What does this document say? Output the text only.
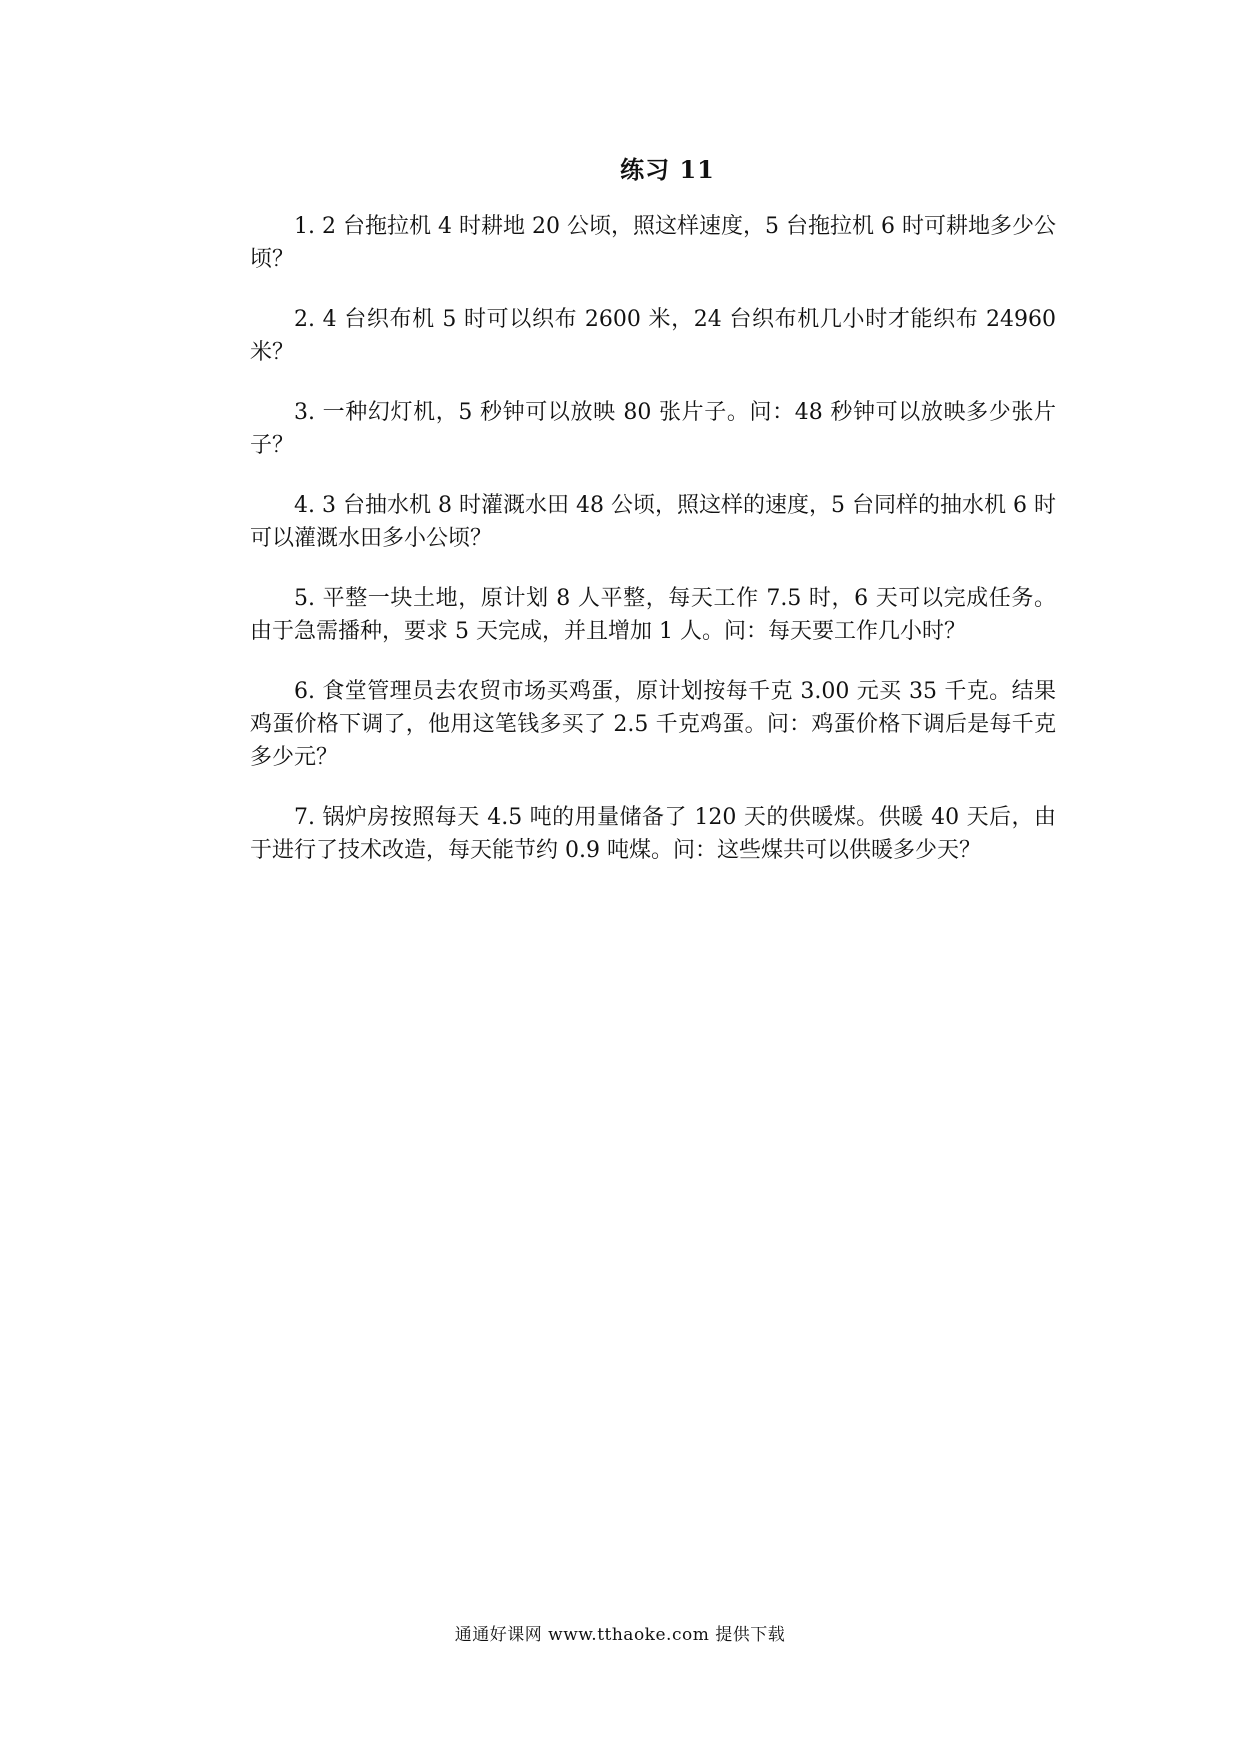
练习 11

1. 2 台拖拉机 4 时耕地 20 公顷，照这样速度，5 台拖拉机 6 时可耕地多少公顷？

2. 4 台织布机 5 时可以织布 2600 米，24 台织布机几小时才能织布 24960 米？

3. 一种幻灯机，5 秒钟可以放映 80 张片子。问：48 秒钟可以放映多少张片子？

4. 3 台抽水机 8 时灌溉水田 48 公顷，照这样的速度，5 台同样的抽水机 6 时可以灌溉水田多小公顷？

5. 平整一块土地，原计划 8 人平整，每天工作 7.5 时，6 天可以完成任务。由于急需播种，要求 5 天完成，并且增加 1 人。问：每天要工作几小时？

6. 食堂管理员去农贸市场买鸡蛋，原计划按每千克 3.00 元买 35 千克。结果鸡蛋价格下调了，他用这笔钱多买了 2.5 千克鸡蛋。问：鸡蛋价格下调后是每千克多少元？

7. 锅炉房按照每天 4.5 吨的用量储备了 120 天的供暖煤。供暖 40 天后，由于进行了技术改造，每天能节约 0.9 吨煤。问：这些煤共可以供暖多少天？

通通好课网 www.tthaoke.com 提供下载
